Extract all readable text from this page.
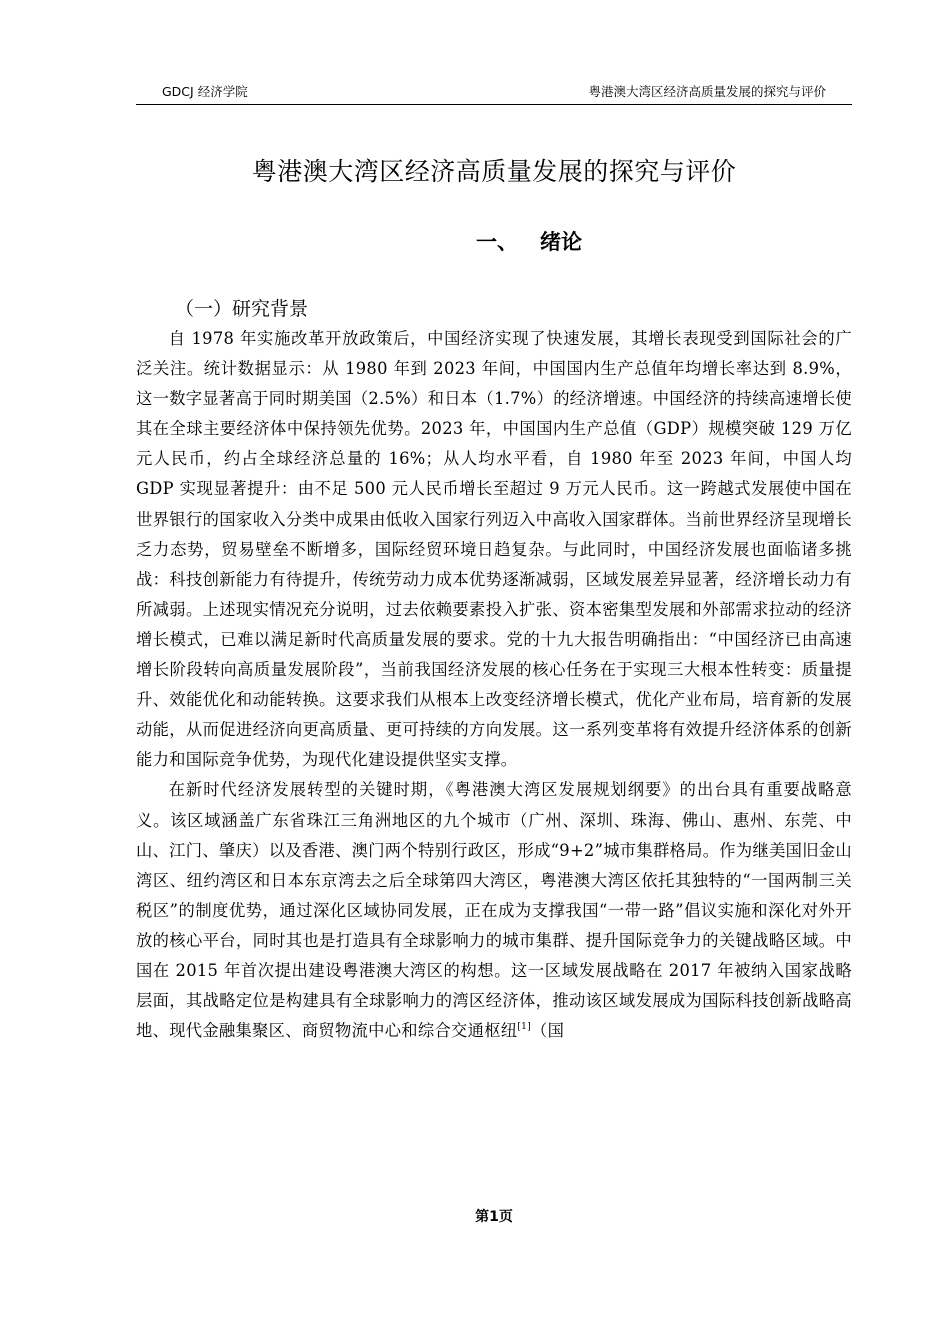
GDCJ 经济学院	粤港澳大湾区经济高质量发展的探究与评价
粤港澳大湾区经济高质量发展的探究与评价
一、 绪论
（一）研究背景

自 1978 年实施改革开放政策后，中国经济实现了快速发展，其增长表现受到国际社会的广泛关注。统计数据显示：从 1980 年到 2023 年间，中国国内生产总值年均增长率达到 8.9%，这一数字显著高于同时期美国（2.5%）和日本（1.7%）的经济增速。中国经济的持续高速增长使其在全球主要经济体中保持领先优势。2023 年，中国国内生产总值（GDP）规模突破 129 万亿元人民币，约占全球经济总量的 16%；从人均水平看，自 1980 年至 2023 年间，中国人均 GDP 实现显著提升：由不足 500 元人民币增长至超过 9 万元人民币。这一跨越式发展使中国在世界银行的国家收入分类中成果由低收入国家行列迈入中高收入国家群体。当前世界经济呈现增长乏力态势，贸易壁垒不断增多，国际经贸环境日趋复杂。与此同时，中国经济发展也面临诸多挑战：科技创新能力有待提升，传统劳动力成本优势逐渐减弱，区域发展差异显著，经济增长动力有所减弱。上述现实情况充分说明，过去依赖要素投入扩张、资本密集型发展和外部需求拉动的经济增长模式，已难以满足新时代高质量发展的要求。党的十九大报告明确指出：“中国经济已由高速增长阶段转向高质量发展阶段”，当前我国经济发展的核心任务在于实现三大根本性转变：质量提升、效能优化和动能转换。这要求我们从根本上改变经济增长模式，优化产业布局，培育新的发展动能，从而促进经济向更高质量、更可持续的方向发展。这一系列变革将有效提升经济体系的创新能力和国际竞争优势，为现代化建设提供坚实支撑。

在新时代经济发展转型的关键时期，《粤港澳大湾区发展规划纲要》的出台具有重要战略意义。该区域涵盖广东省珠江三角洲地区的九个城市（广州、深圳、珠海、佛山、惠州、东莞、中山、江门、肇庆）以及香港、澳门两个特别行政区，形成“9+2”城市集群格局。作为继美国旧金山湾区、纽约湾区和日本东京湾去之后全球第四大湾区，粤港澳大湾区依托其独特的“一国两制三关税区”的制度优势，通过深化区域协同发展，正在成为支撑我国“一带一路”倡议实施和深化对外开放的核心平台，同时其也是打造具有全球影响力的城市集群、提升国际竞争力的关键战略区域。中国在 2015 年首次提出建设粤港澳大湾区的构想。这一区域发展战略在 2017 年被纳入国家战略层面，其战略定位是构建具有全球影响力的湾区经济体，推动该区域发展成为国际科技创新战略高地、现代金融集聚区、商贸物流中心和综合交通枢纽[1]（国

第1页
